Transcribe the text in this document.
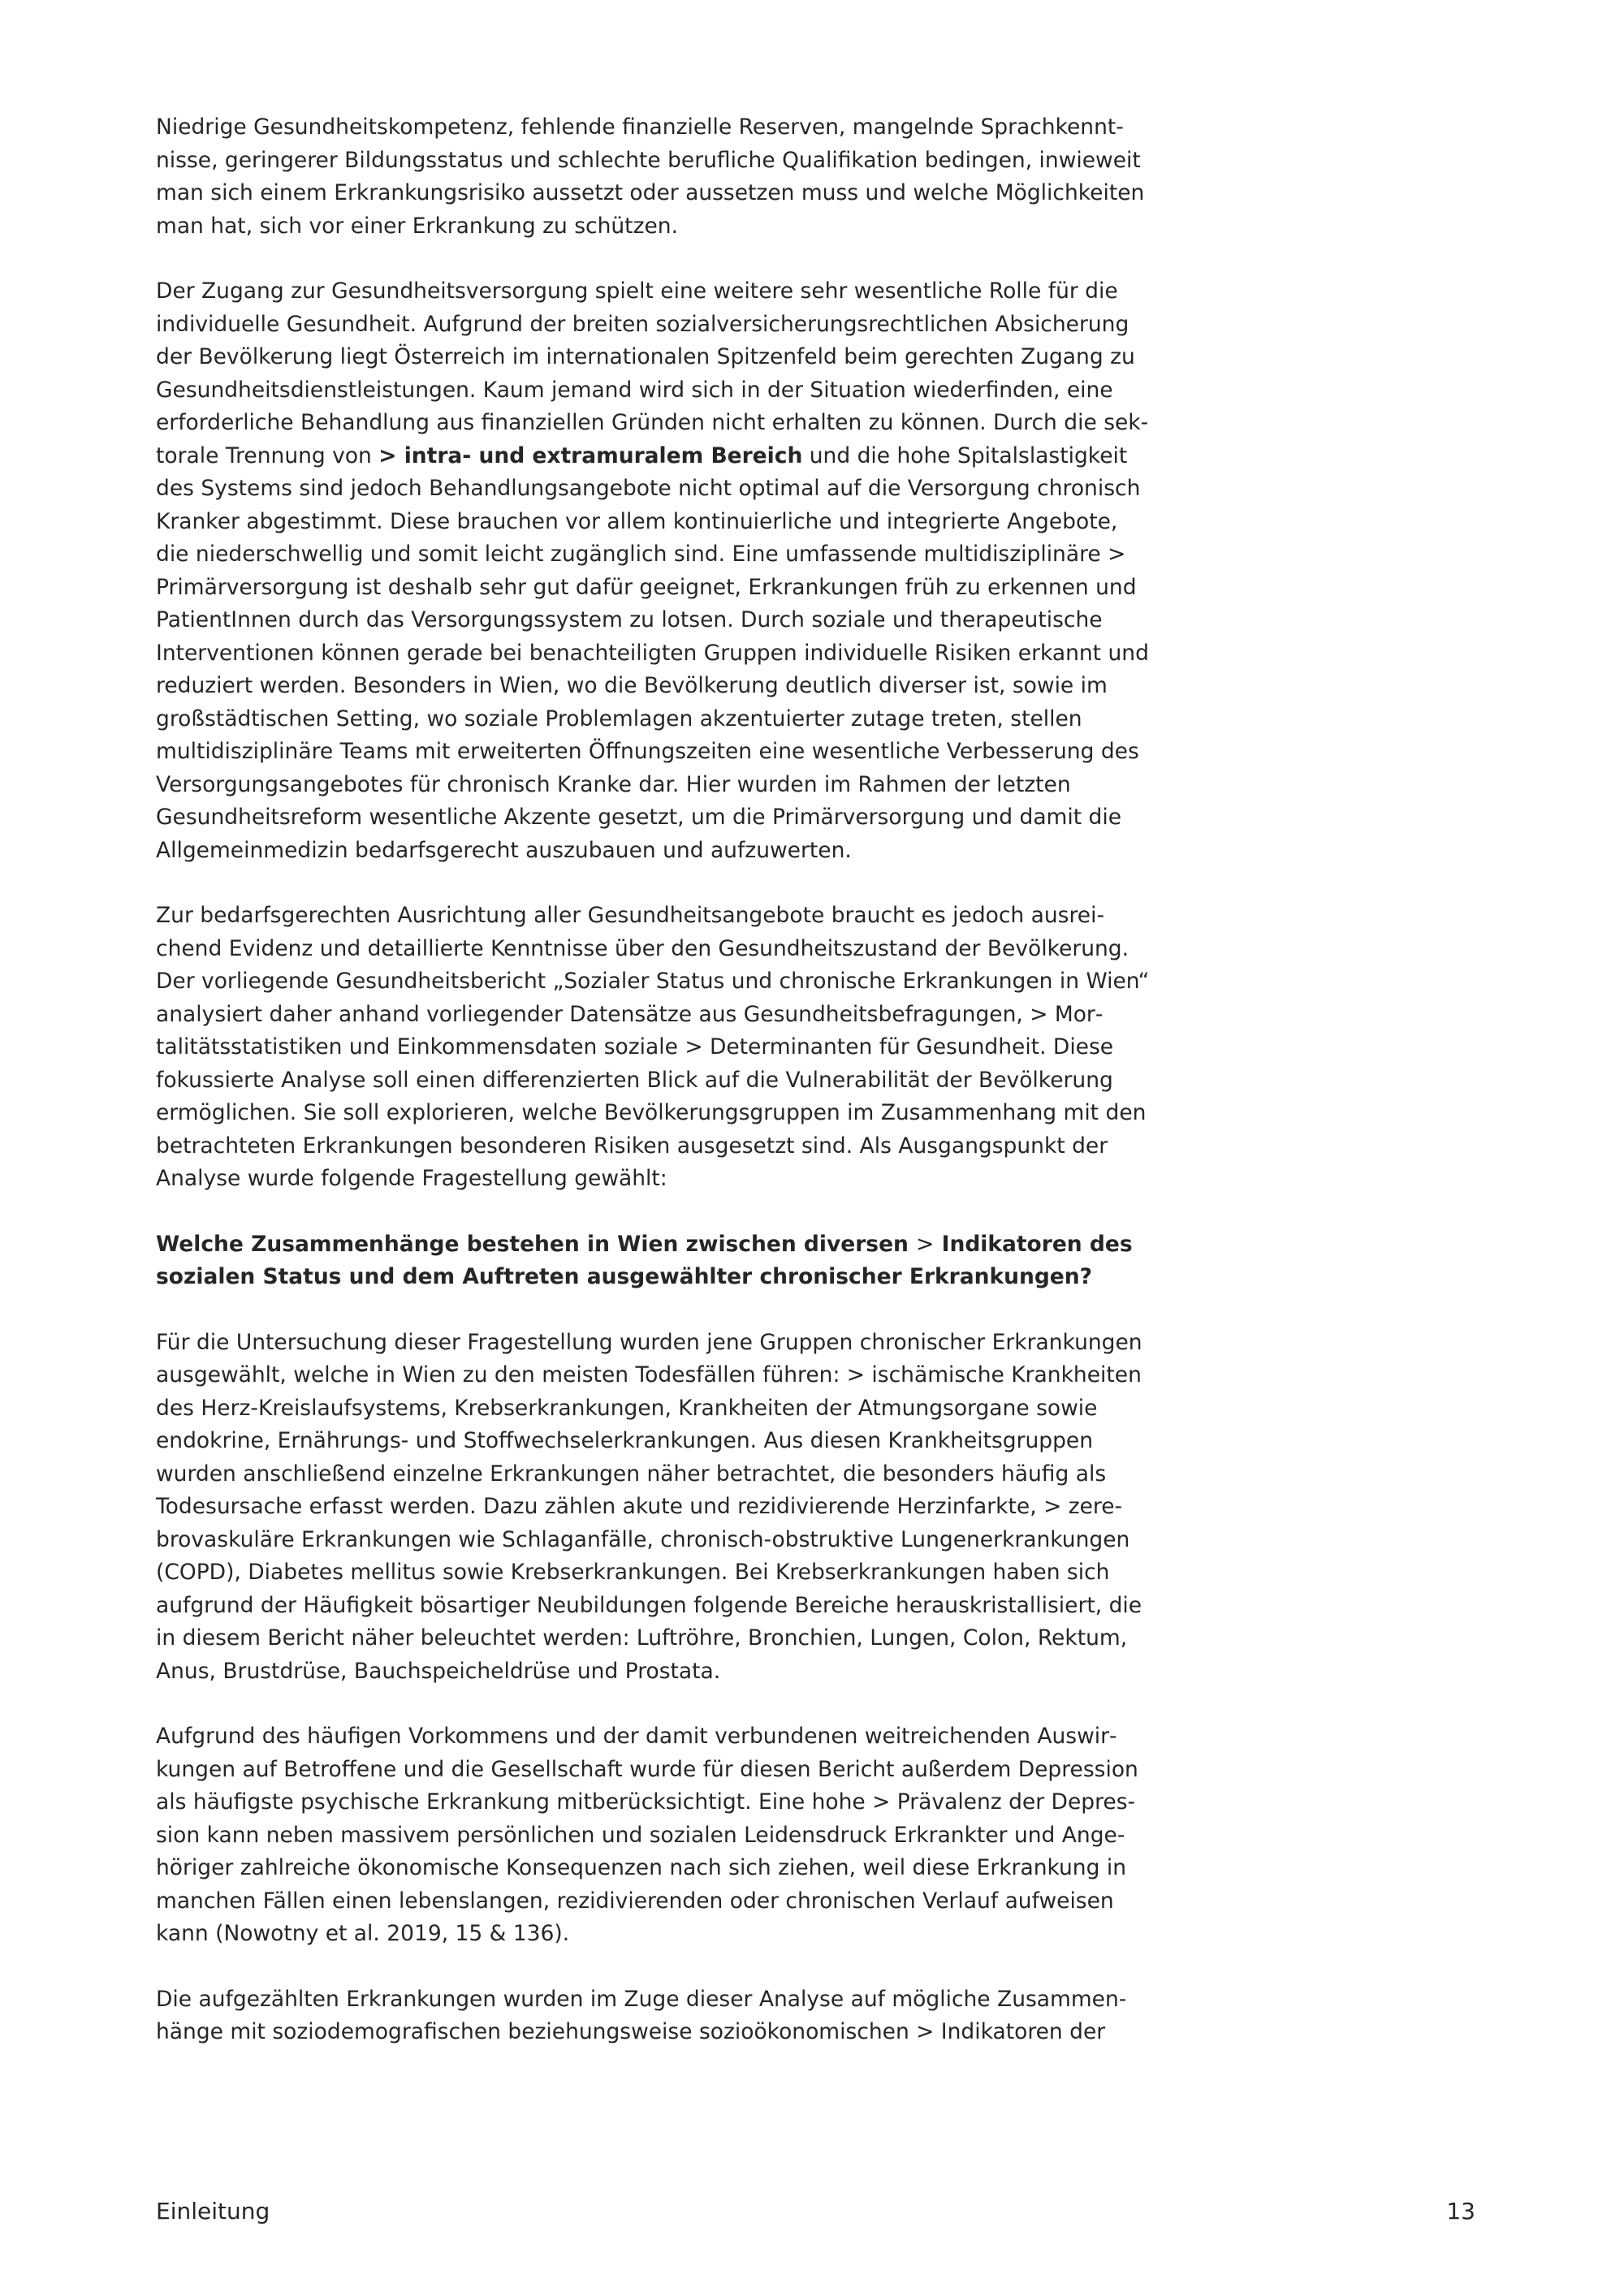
Niedrige Gesundheitskompetenz, fehlende finanzielle Reserven, mangelnde Sprachkenntnisse, geringerer Bildungsstatus und schlechte berufliche Qualifikation bedingen, inwieweit man sich einem Erkrankungsrisiko aussetzt oder aussetzen muss und welche Möglichkeiten man hat, sich vor einer Erkrankung zu schützen.

Der Zugang zur Gesundheitsversorgung spielt eine weitere sehr wesentliche Rolle für die individuelle Gesundheit. Aufgrund der breiten sozialversicherungsrechtlichen Absicherung der Bevölkerung liegt Österreich im internationalen Spitzenfeld beim gerechten Zugang zu Gesundheitsdienstleistungen. Kaum jemand wird sich in der Situation wiederfinden, eine erforderliche Behandlung aus finanziellen Gründen nicht erhalten zu können. Durch die sektorale Trennung von > intra- und extramuralem Bereich und die hohe Spitalslastigkeit des Systems sind jedoch Behandlungsangebote nicht optimal auf die Versorgung chronisch Kranker abgestimmt. Diese brauchen vor allem kontinuierliche und integrierte Angebote, die niederschwellig und somit leicht zugänglich sind. Eine umfassende multidisziplinäre > Primärversorgung ist deshalb sehr gut dafür geeignet, Erkrankungen früh zu erkennen und PatientInnen durch das Versorgungssystem zu lotsen. Durch soziale und therapeutische Interventionen können gerade bei benachteiligten Gruppen individuelle Risiken erkannt und reduziert werden. Besonders in Wien, wo die Bevölkerung deutlich diverser ist, sowie im großstädtischen Setting, wo soziale Problemlagen akzentuierter zutage treten, stellen multidisziplinäre Teams mit erweiterten Öffnungszeiten eine wesentliche Verbesserung des Versorgungsangebotes für chronisch Kranke dar. Hier wurden im Rahmen der letzten Gesundheitsreform wesentliche Akzente gesetzt, um die Primärversorgung und damit die Allgemeinmedizin bedarfsgerecht auszubauen und aufzuwerten.

Zur bedarfsgerechten Ausrichtung aller Gesundheitsangebote braucht es jedoch ausreichend Evidenz und detaillierte Kenntnisse über den Gesundheitszustand der Bevölkerung. Der vorliegende Gesundheitsbericht „Sozialer Status und chronische Erkrankungen in Wien“ analysiert daher anhand vorliegender Datensätze aus Gesundheitsbefragungen, > Mortalitätsstatistiken und Einkommensdaten soziale > Determinanten für Gesundheit. Diese fokussierte Analyse soll einen differenzierten Blick auf die Vulnerabilität der Bevölkerung ermöglichen. Sie soll explorieren, welche Bevölkerungsgruppen im Zusammenhang mit den betrachteten Erkrankungen besonderen Risiken ausgesetzt sind. Als Ausgangspunkt der Analyse wurde folgende Fragestellung gewählt:

Welche Zusammenhänge bestehen in Wien zwischen diversen > Indikatoren des sozialen Status und dem Auftreten ausgewählter chronischer Erkrankungen?

Für die Untersuchung dieser Fragestellung wurden jene Gruppen chronischer Erkrankungen ausgewählt, welche in Wien zu den meisten Todesfällen führen: > ischämische Krankheiten des Herz-Kreislaufsystems, Krebserkrankungen, Krankheiten der Atmungsorgane sowie endokrine, Ernährungs- und Stoffwechselerkrankungen. Aus diesen Krankheitsgruppen wurden anschließend einzelne Erkrankungen näher betrachtet, die besonders häufig als Todesursache erfasst werden. Dazu zählen akute und rezidivierende Herzinfarkte, > zerebrovaskuläre Erkrankungen wie Schlaganfälle, chronisch-obstruktive Lungenerkrankungen (COPD), Diabetes mellitus sowie Krebserkrankungen. Bei Krebserkrankungen haben sich aufgrund der Häufigkeit bösartiger Neubildungen folgende Bereiche herauskristallisiert, die in diesem Bericht näher beleuchtet werden: Luftröhre, Bronchien, Lungen, Colon, Rektum, Anus, Brustdrüse, Bauchspeicheldrüse und Prostata.

Aufgrund des häufigen Vorkommens und der damit verbundenen weitreichenden Auswirkungen auf Betroffene und die Gesellschaft wurde für diesen Bericht außerdem Depression als häufigste psychische Erkrankung mitberücksichtigt. Eine hohe > Prävalenz der Depression kann neben massivem persönlichen und sozialen Leidensdruck Erkrankter und Angehöriger zahlreiche ökonomische Konsequenzen nach sich ziehen, weil diese Erkrankung in manchen Fällen einen lebenslangen, rezidivierenden oder chronischen Verlauf aufweisen kann (Nowotny et al. 2019, 15 & 136).

Die aufgezählten Erkrankungen wurden im Zuge dieser Analyse auf mögliche Zusammenhänge mit soziodemografischen beziehungsweise sozioökonomischen > Indikatoren der

Einleitung	13
